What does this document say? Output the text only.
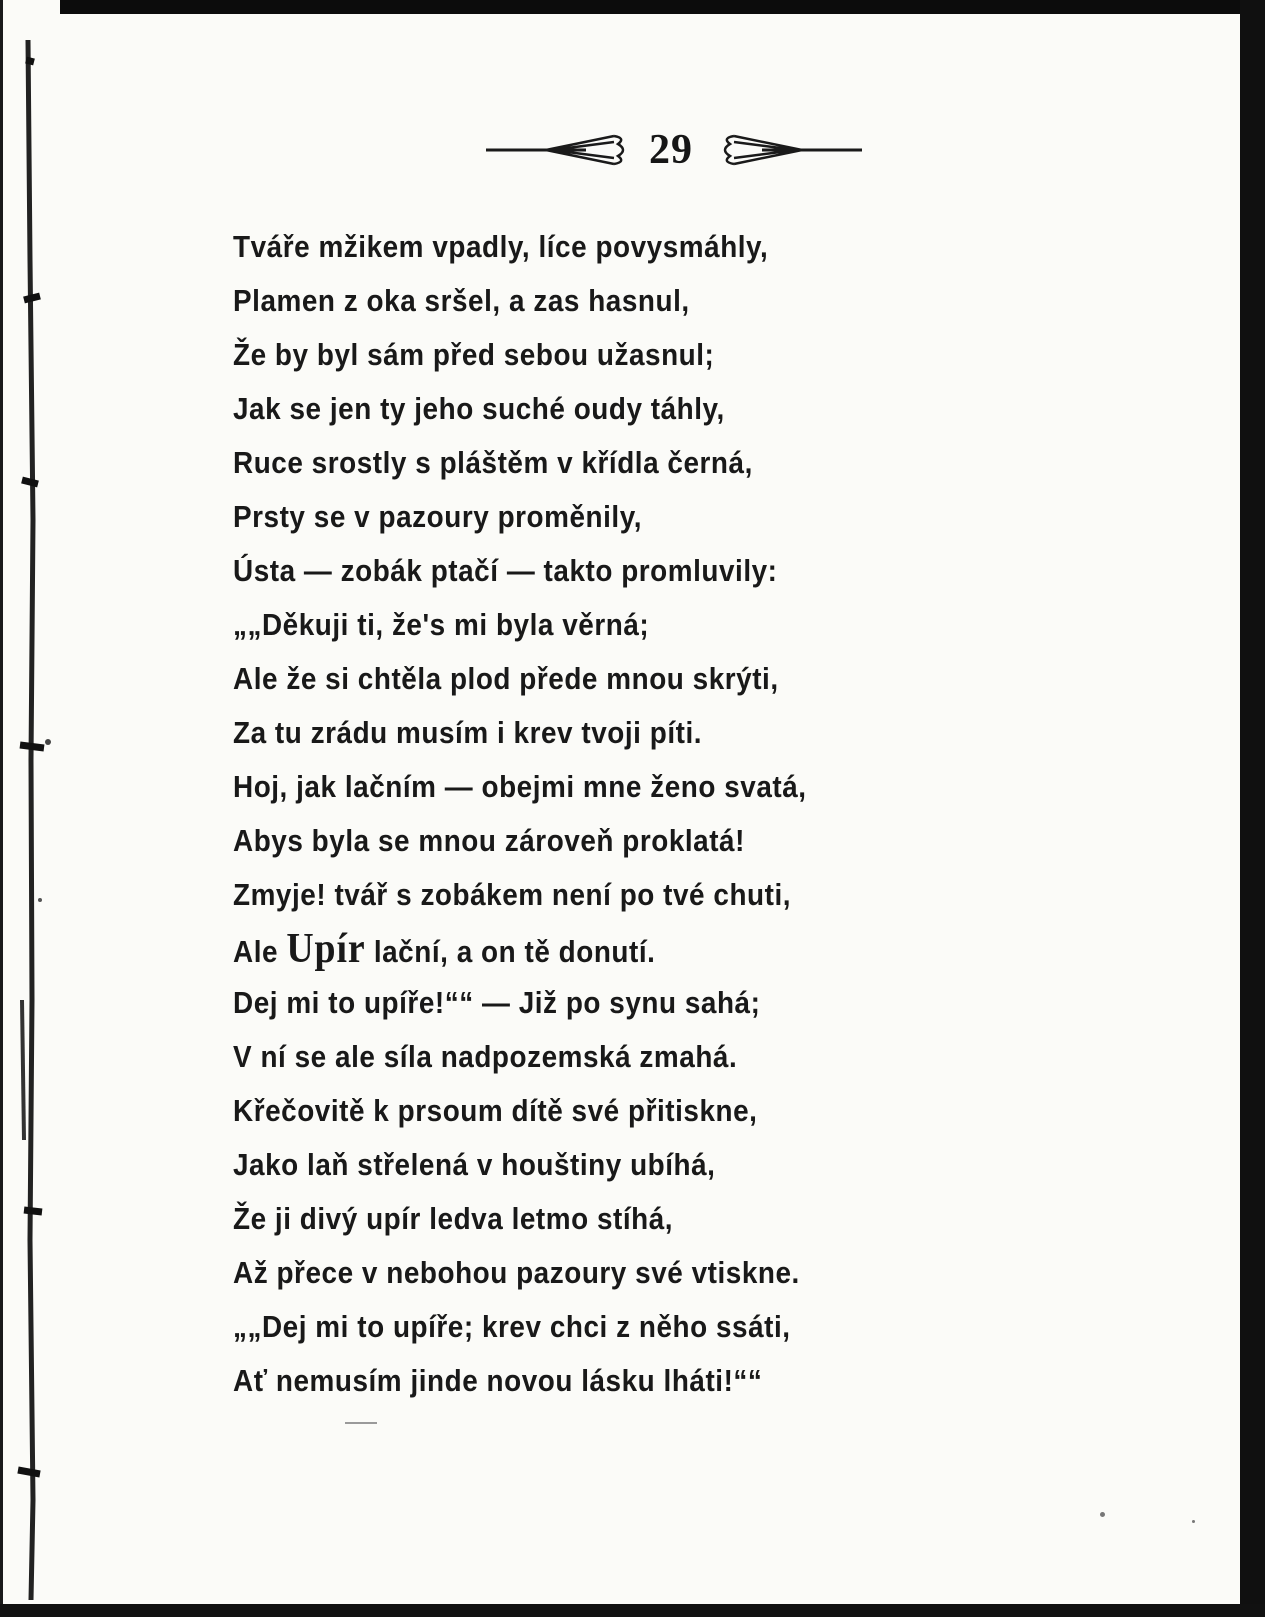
29
Tváře mžikem vpadly, líce povysmáhly,
Plamen z oka sršel, a zas hasnul,
Že by byl sám před sebou užasnul;
Jak se jen ty jeho suché oudy táhly,
Ruce srostly s pláštěm v křídla černá,
Prsty se v pazoury proměnily,
Ústa — zobák ptačí — takto promluvily:
„„Děkuji ti, že's mi byla věrná;
Ale že si chtěla plod přede mnou skrýti,
Za tu zrádu musím i krev tvoji píti.
Hoj, jak lačním — obejmi mne ženo svatá,
Abys byla se mnou zároveň proklatá!
Zmyje! tvář s zobákem není po tvé chuti,
Ale Upír lační, a on tě donutí.
Dej mi to upíře!““ — Již po synu sahá;
V ní se ale síla nadpozemská zmahá.
Křečovitě k prsoum dítě své přitiskne,
Jako laň střelená v houštiny ubíhá,
Že ji divý upír ledva letmo stíhá,
Až přece v nebohou pazoury své vtiskne.
„„Dej mi to upíře; krev chci z něho ssáti,
Ať nemusím jinde novou lásku lháti!““
